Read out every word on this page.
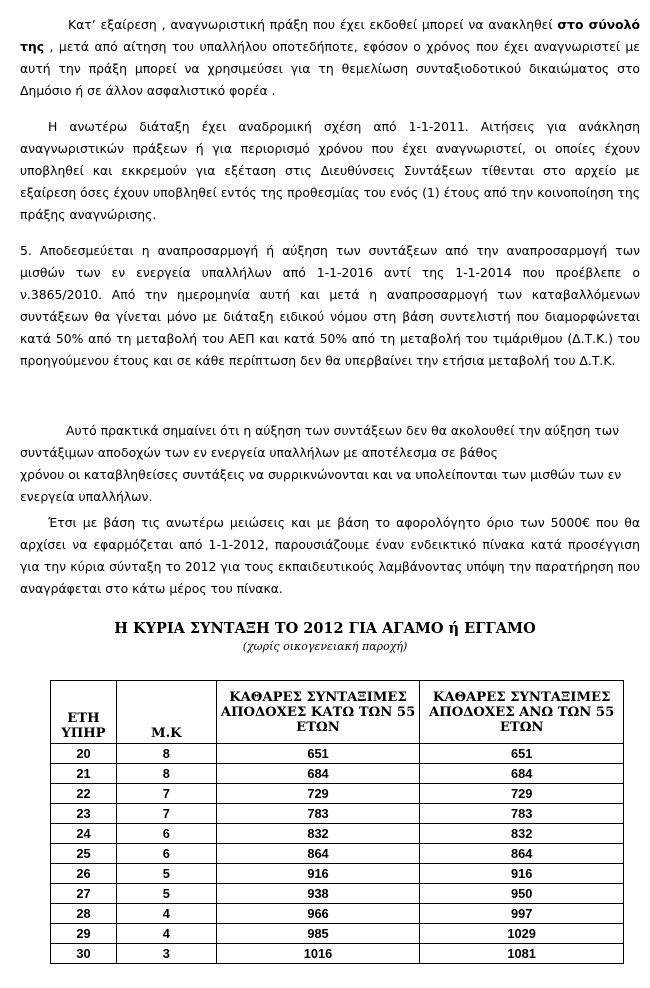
Κατ’ εξαίρεση , αναγνωριστική πράξη που έχει εκδοθεί μπορεί να ανακληθεί στο σύνολό της , μετά από αίτηση του υπαλλήλου οποτεδήποτε, εφόσον ο χρόνος που έχει αναγνωριστεί με αυτή την πράξη μπορεί να χρησιμεύσει για τη θεμελίωση συνταξιοδοτικού δικαιώματος στο Δημόσιο ή σε άλλον ασφαλιστικό φορέα .

Η ανωτέρω διάταξη έχει αναδρομική σχέση από 1-1-2011. Αιτήσεις για ανάκληση αναγνωριστικών πράξεων ή για περιορισμό χρόνου που έχει αναγνωριστεί, οι οποίες έχουν υποβληθεί και εκκρεμούν για εξέταση στις Διευθύνσεις Συντάξεων τίθενται στο αρχείο με εξαίρεση όσες έχουν υποβληθεί εντός της προθεσμίας του ενός (1) έτους από την κοινοποίηση της πράξης αναγνώρισης.

5. Αποδεσμεύεται η αναπροσαρμογή ή αύξηση των συντάξεων από την αναπροσαρμογή των μισθών των εν ενεργεία υπαλλήλων από 1-1-2016 αντί της 1-1-2014 που προέβλεπε ο ν.3865/2010. Από την ημερομηνία αυτή και μετά η αναπροσαρμογή των καταβαλλόμενων συντάξεων θα γίνεται μόνο με διάταξη ειδικού νόμου στη βάση συντελιστή που διαμορφώνεται κατά 50% από τη μεταβολή του ΑΕΠ και κατά 50% από τη μεταβολή του τιμάριθμου (Δ.Τ.Κ.) του προηγούμενου έτους και σε κάθε περίπτωση δεν θα υπερβαίνει την ετήσια μεταβολή του Δ.Τ.Κ.

Αυτό πρακτικά σημαίνει ότι η αύξηση των συντάξεων δεν θα ακολουθεί την αύξηση των
συντάξιμων αποδοχών των εν ενεργεία υπαλλήλων με αποτέλεσμα σε βάθος
χρόνου οι καταβληθείσες συντάξεις να συρρικνώνονται και να υπολείπονται των μισθών των εν
ενεργεία υπαλλήλων.

Έτσι με βάση τις ανωτέρω μειώσεις και με βάση το αφορολόγητο όριο των 5000€ που θα αρχίσει να εφαρμόζεται από 1-1-2012, παρουσιάζουμε έναν ενδεικτικό πίνακα κατά προσέγγιση για την κύρια σύνταξη το 2012 για τους εκπαιδευτικούς λαμβάνοντας υπόψη την παρατήρηση που αναγράφεται στο κάτω μέρος του πίνακα.

Η ΚΥΡΙΑ ΣΥΝΤΑΞΗ ΤΟ 2012 ΓΙΑ ΑΓΑΜΟ ή ΕΓΓΑΜΟ
(χωρίς οικογενειακή παροχή)
ΕΤΗ
ΥΠΗΡ	Μ.Κ	ΚΑΘΑΡΕΣ ΣΥΝΤΑΞΙΜΕΣ ΑΠΟΔΟΧΕΣ ΚΑΤΩ ΤΩΝ 55 ΕΤΩΝ	ΚΑΘΑΡΕΣ ΣΥΝΤΑΞΙΜΕΣ ΑΠΟΔΟΧΕΣ ΑΝΩ ΤΩΝ 55 ΕΤΩΝ
20	8	651	651
21	8	684	684
22	7	729	729
23	7	783	783
24	6	832	832
25	6	864	864
26	5	916	916
27	5	938	950
28	4	966	997
29	4	985	1029
30	3	1016	1081
